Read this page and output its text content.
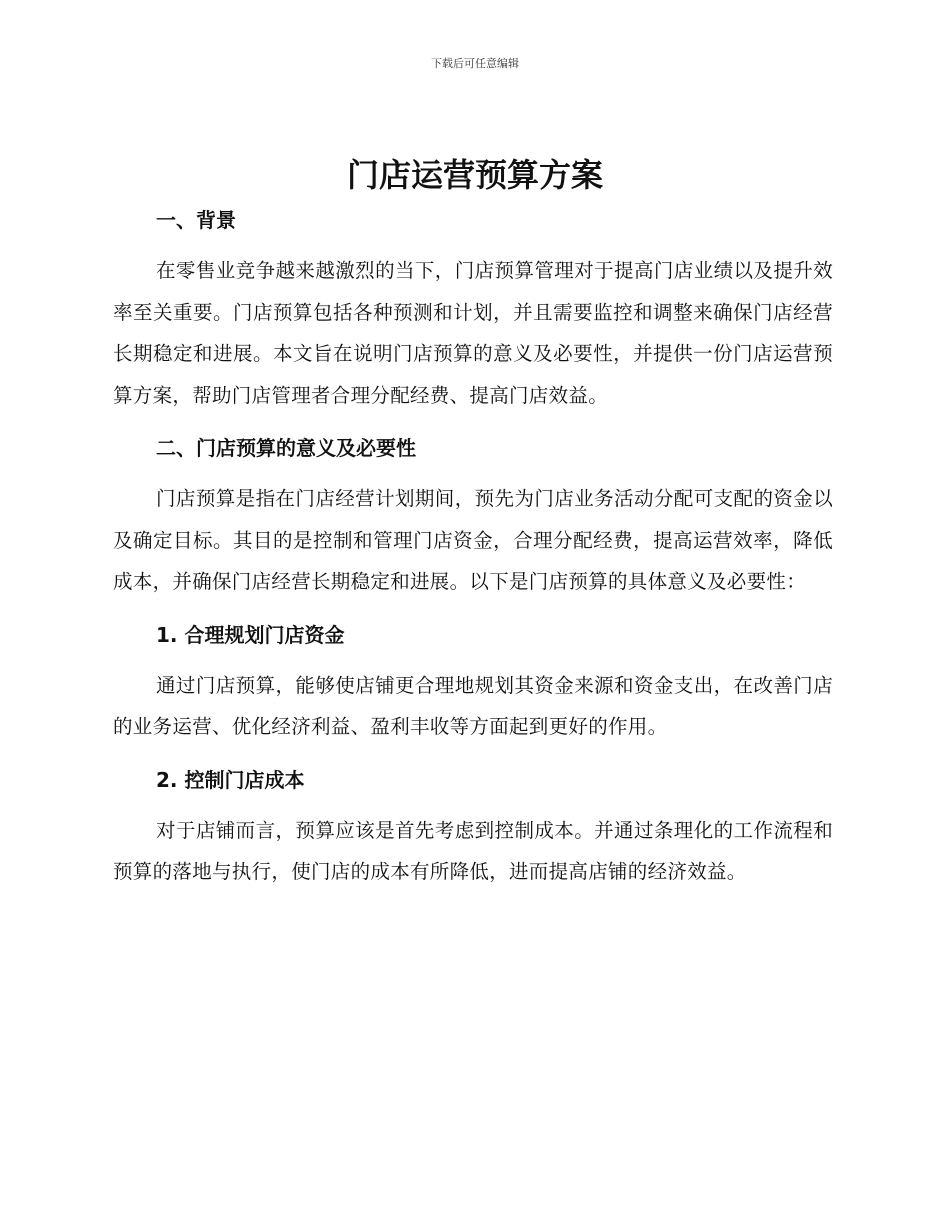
下载后可任意编辑
门店运营预算方案
一、背景

在零售业竞争越来越激烈的当下，门店预算管理对于提高门店业绩以及提升效率至关重要。门店预算包括各种预测和计划，并且需要监控和调整来确保门店经营长期稳定和进展。本文旨在说明门店预算的意义及必要性，并提供一份门店运营预算方案，帮助门店管理者合理分配经费、提高门店效益。

二、门店预算的意义及必要性

门店预算是指在门店经营计划期间，预先为门店业务活动分配可支配的资金以及确定目标。其目的是控制和管理门店资金，合理分配经费，提高运营效率，降低成本，并确保门店经营长期稳定和进展。以下是门店预算的具体意义及必要性：

1. 合理规划门店资金

通过门店预算，能够使店铺更合理地规划其资金来源和资金支出，在改善门店的业务运营、优化经济利益、盈利丰收等方面起到更好的作用。

2. 控制门店成本

对于店铺而言，预算应该是首先考虑到控制成本。并通过条理化的工作流程和预算的落地与执行，使门店的成本有所降低，进而提高店铺的经济效益。
